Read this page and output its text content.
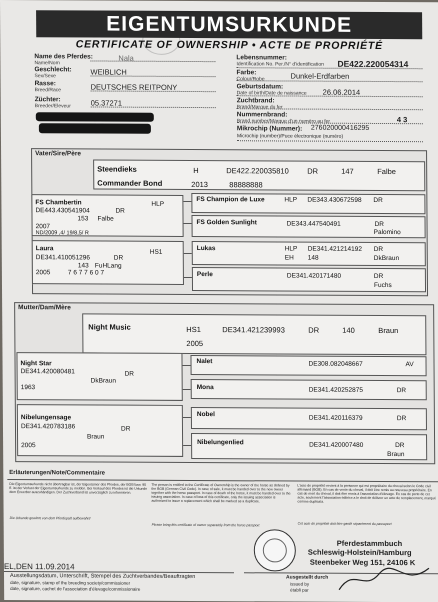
EIGENTUMSURKUNDE
CERTIFICATE OF OWNERSHIP • ACTE DE PROPRIÉTÉ
Name des Pferdes:
Name/Nom
Nala
Geschlecht:
Sex/Sexe	WEIBLICH
Rasse:
Breed/Race	DEUTSCHES REITPONY
Züchter:
Breeder/Eleveur	05.37271
Lebensnummer:
Identification No. Per./N° d'identification DE422.220054314
Farbe:
Colour/Robe	Dunkel-Erdfarben
Geburtsdatum:
Date of birth/Date de naissance 26.06.2014
Zuchtbrand:
Brand/Marque du fer
Nummernbrand:
Brand number/Marque d'un numéro au fer	4 3
Mikrochip (Nummer): 276020000416295
Microchip (number)/Puce électronique (numéro)
Vater/Sire/Père
Steendieks	H	DE422.220035810 DR	147	Falbe
Commander Bond	2013	88888888
FS Chambertin	HLP
DE443.430541904	DR
153 Falbe
2007
ND/2009 ,4/ 19/8,5/ R
FS Champion de Luxe	HLP DE343.430672598 DR
FS Golden Sunlight	DE343.447540491	DR
Palomino
Laura
HS1
DE341.410051296	DR
143 FuHLang
2005	7 6 7 7 6 0 7
Lukas	HLP DE341.421214192 DR
EH 148	DkBraun
Perle	DE341.420171480	DR
Fuchs
Mutter/Dam/Mère
Night Music	HS1	DE341.421239993	DR	140	Braun
2005
Night Star
DE341.420080481	DR
DkBraun
1963
Nalet	DE308.082048667	AV
Mona	DE341.420252875	DR
Nibelungensage
DE341.420783186	DR
Braun
2005
Nobel
DE341.420116379	DR
Nibelungenlied	DE341.420007480	DR
Braun
Erläuterungen/Note/Commentaire
Die Eigentumsurkunde nicht übertragbar ist, der Eigentümer des Pferdes, der BGB bzw. 90 ff. ist der Verlust der Eigentumsurkunde zu melden. Bei Verkauf des Pferdes ist die Urkunde dem Erwerber auszuhändigen. Der Zuchtverband ist unverzüglich zu informieren.
Die Urkunde gewinnt von dem Pferdepaß aufbewahrt!
The person is entitled to the Certificate of Ownership is the owner of the horse as defined by the BGB (German Civil Code). In case of sale, it must be handed over to the new owner together with the horse passport. In case of death of the horse, it must be handed over to the issuing association. In case of loss of this certificate, only the issuing association is authorized to issue a replacement which shall be marked as a duplicate.
Please bring this certificate of owner separately from the horse passport
L'acte de propriété revient à la personne qui est propriétaire du cheval selon le Code civil allemand (BGB). En cas de vente du cheval, il doit être remis au nouveau propriétaire. En cas de mort du cheval, il doit être remis à l'association d'élevage. En cas de perte de cet acte, seulement l'association éditrice a le droit de délivrer un acte de remplacement, marqué comme duplicata.
Cet acte de propriété doit être gardé séparément du passeport
EL,DEN 11.09.2014
Ausstellungsdatum, Unterschrift, Stempel des Zuchtverbandes/Beauftragten
date, signature, stamp of the breeding society/commissioner
date, signature, cachet de l'association d'élevage/commissionaire
Pferdestammbuch
Schleswig-Holstein/Hamburg
Steenbeker Weg 151, 24106 K
Ausgestellt durch
issued by
établi par
